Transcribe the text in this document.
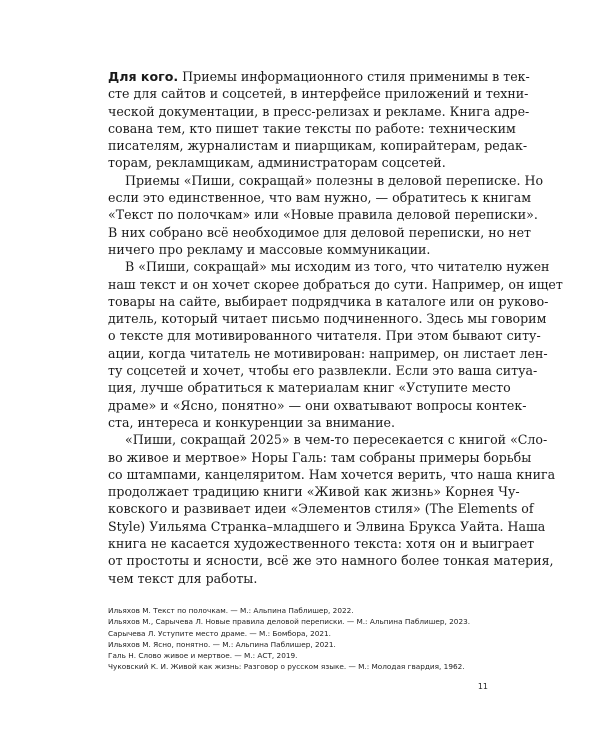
Для кого. Приемы информационного стиля применимы в тек-
сте для сайтов и соцсетей, в интерфейсе приложений и техни-
ческой документации, в пресс-релизах и рекламе. Книга адре-
сована тем, кто пишет такие тексты по работе: техническим
писателям, журналистам и пиарщикам, копирайтерам, редак-
торам, рекламщикам, администраторам соцсетей.
Приемы «Пиши, сокращай» полезны в деловой переписке. Но
если это единственное, что вам нужно, — обратитесь к книгам
«Текст по полочкам» или «Новые правила деловой переписки».
В них собрано всё необходимое для деловой переписки, но нет
ничего про рекламу и массовые коммуникации.
В «Пиши, сокращай» мы исходим из того, что читателю нужен
наш текст и он хочет скорее добраться до сути. Например, он ищет
товары на сайте, выбирает подрядчика в каталоге или он руково-
дитель, который читает письмо подчиненного. Здесь мы говорим
о тексте для мотивированного читателя. При этом бывают ситу-
ации, когда читатель не мотивирован: например, он листает лен-
ту соцсетей и хочет, чтобы его развлекли. Если это ваша ситуа-
ция, лучше обратиться к материалам книг «Уступите место
драме» и «Ясно, понятно» — они охватывают вопросы контек-
ста, интереса и конкуренции за внимание.
«Пиши, сокращай 2025» в чем-то пересекается с книгой «Сло-
во живое и мертвое» Норы Галь: там собраны примеры борьбы
со штампами, канцеляритом. Нам хочется верить, что наша книга
продолжает традицию книги «Живой как жизнь» Корнея Чу-
ковского и развивает идеи «Элементов стиля» (The Elements of
Style) Уильяма Странка–младшего и Элвина Брукса Уайта. Наша
книга не касается художественного текста: хотя он и выиграет
от простоты и ясности, всё же это намного более тонкая материя,
чем текст для работы.
Ильяхов М. Текст по полочкам. — М.: Альпина Паблишер, 2022.
Ильяхов М., Сарычева Л. Новые правила деловой переписки. — М.: Альпина Паблишер, 2023.
Сарычева Л. Уступите место драме. — М.: Бомбора, 2021.
Ильяхов М. Ясно, понятно. — М.: Альпина Паблишер, 2021.
Галь Н. Слово живое и мертвое. — М.: АСТ, 2019.
Чуковский К. И. Живой как жизнь: Разговор о русском языке. — М.: Молодая гвардия, 1962.
11
